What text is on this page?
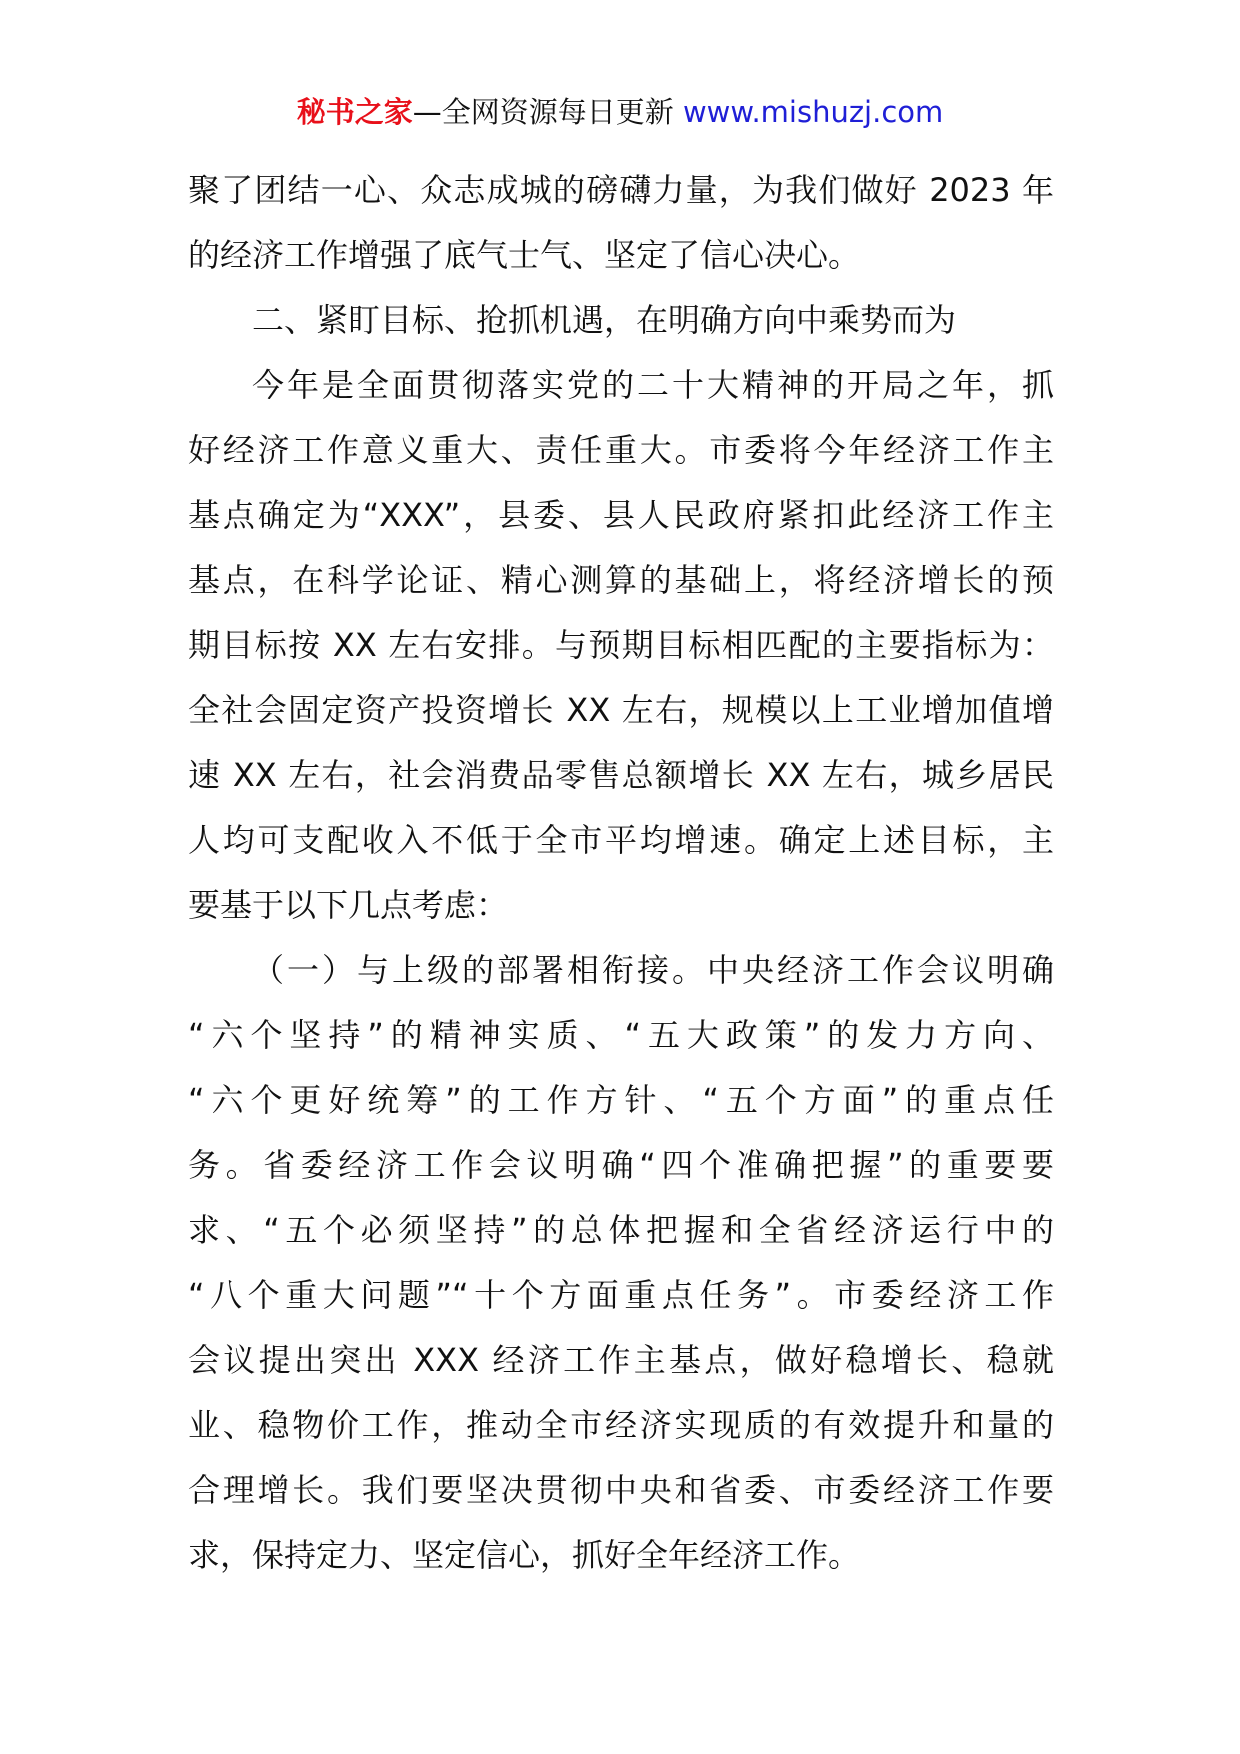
秘书之家—全网资源每日更新 www.mishuzj.com
聚了团结一心、众志成城的磅礴力量，为我们做好 2023 年
的经济工作增强了底气士气、坚定了信心决心。
二、紧盯目标、抢抓机遇，在明确方向中乘势而为
今年是全面贯彻落实党的二十大精神的开局之年，抓
好经济工作意义重大、责任重大。市委将今年经济工作主
基点确定为“XXX”，县委、县人民政府紧扣此经济工作主
基点，在科学论证、精心测算的基础上，将经济增长的预
期目标按 XX 左右安排。与预期目标相匹配的主要指标为：
全社会固定资产投资增长 XX 左右，规模以上工业增加值增
速 XX 左右，社会消费品零售总额增长 XX 左右，城乡居民
人均可支配收入不低于全市平均增速。确定上述目标，主
要基于以下几点考虑：
（一）与上级的部署相衔接。中央经济工作会议明确
“六个坚持”的精神实质、“五大政策”的发力方向、
“六个更好统筹”的工作方针、“五个方面”的重点任
务。省委经济工作会议明确“四个准确把握”的重要要
求、“五个必须坚持”的总体把握和全省经济运行中的
“八个重大问题”“十个方面重点任务”。市委经济工作
会议提出突出 XXX 经济工作主基点，做好稳增长、稳就
业、稳物价工作，推动全市经济实现质的有效提升和量的
合理增长。我们要坚决贯彻中央和省委、市委经济工作要
求，保持定力、坚定信心，抓好全年经济工作。
